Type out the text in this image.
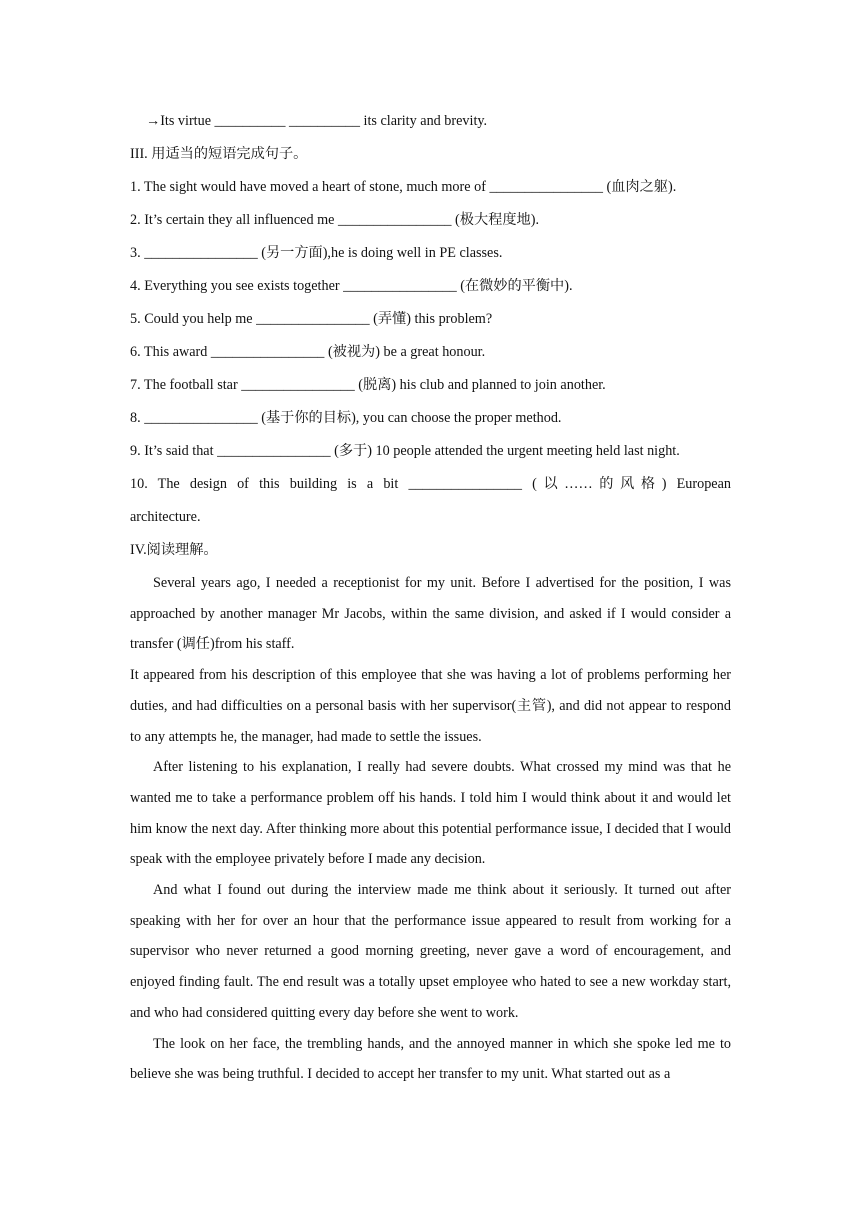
→Its virtue __________ __________ its clarity and brevity.
III. 用适当的短语完成句子。
1. The sight would have moved a heart of stone, much more of ________________ (血肉之躯).
2. It’s certain they all influenced me ________________ (极大程度地).
3. ________________ (另一方面),he is doing well in PE classes.
4. Everything you see exists together ________________ (在微妙的平衡中).
5. Could you help me ________________ (弄懂) this problem?
6. This award ________________ (被视为) be a great honour.
7. The football star ________________ (脱离) his club and planned to join another.
8. ________________ (基于你的目标), you can choose the proper method.
9. It’s said that ________________ (多于) 10 people attended the urgent meeting held last night.
10. The design of this building is a bit ________________ (以……的风格) European
architecture.
IV.阅读理解。

Several years ago, I needed a receptionist for my unit. Before I advertised for the position, I was approached by another manager Mr Jacobs, within the same division, and asked if I would consider a transfer (调任)from his staff.

It appeared from his description of this employee that she was having a lot of problems performing her duties, and had difficulties on a personal basis with her supervisor(主管), and did not appear to respond to any attempts he, the manager, had made to settle the issues.

After listening to his explanation, I really had severe doubts. What crossed my mind was that he wanted me to take a performance problem off his hands. I told him I would think about it and would let him know the next day. After thinking more about this potential performance issue, I decided that I would speak with the employee privately before I made any decision.

And what I found out during the interview made me think about it seriously. It turned out after speaking with her for over an hour that the performance issue appeared to result from working for a supervisor who never returned a good morning greeting, never gave a word of encouragement, and enjoyed finding fault. The end result was a totally upset employee who hated to see a new workday start, and who had considered quitting every day before she went to work.

The look on her face, the trembling hands, and the annoyed manner in which she spoke led me to believe she was being truthful. I decided to accept her transfer to my unit. What started out as a
